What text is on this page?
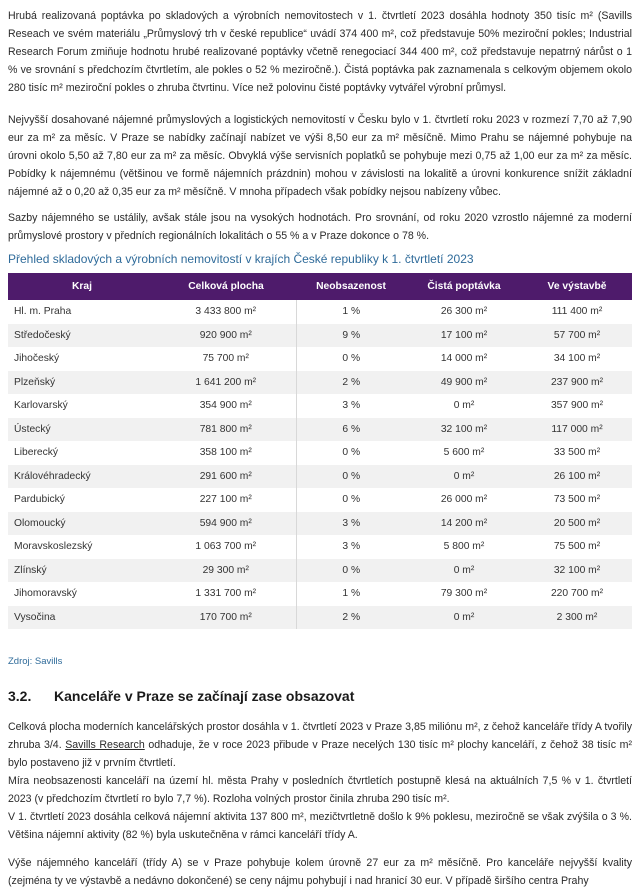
Hrubá realizovaná poptávka po skladových a výrobních nemovitostech v 1. čtvrtletí 2023 dosáhla hodnoty 350 tisíc m² (Savills Reseach ve svém materiálu „Průmyslový trh v české republice“ uvádí 374 400 m², což představuje 50% meziroční pokles; Industrial Research Forum zmiňuje hodnotu hrubé realizované poptávky včetně renegociací 344 400 m², což představuje nepatrný nárůst o 1 % ve srovnání s předchozím čtvrtletím, ale pokles o 52 % meziročně.). Čistá poptávka pak zaznamenala s celkovým objemem okolo 280 tisíc m² meziroční pokles o zhruba čtvrtinu. Více než polovinu čisté poptávky vytvářel výrobní průmysl.

Nejvyšší dosahované nájemné průmyslových a logistických nemovitostí v Česku bylo v 1. čtvrtletí roku 2023 v rozmezí 7,70 až 7,90 eur za m² za měsíc. V Praze se nabídky začínají nabízet ve výši 8,50 eur za m² měsíčně. Mimo Prahu se nájemné pohybuje na úrovni okolo 5,50 až 7,80 eur za m² za měsíc. Obvyklá výše servisních poplatků se pohybuje mezi 0,75 až 1,00 eur za m² za měsíc. Pobídky k nájemnému (většinou ve formě nájemních prázdnin) mohou v závislosti na lokalitě a úrovni konkurence snížit základní nájemné až o 0,20 až 0,35 eur za m² měsíčně. V mnoha případech však pobídky nejsou nabízeny vůbec.

Sazby nájemného se ustálily, avšak stále jsou na vysokých hodnotách. Pro srovnání, od roku 2020 vzrostlo nájemné za moderní průmyslové prostory v předních regionálních lokalitách o 55 % a v Praze dokonce o 78 %.

Přehled skladových a výrobních nemovitostí v krajích České republiky k 1. čtvrtletí 2023
Kraj	Celková plocha	Neobsazenost	Čistá poptávka	Ve výstavbě
Hl. m. Praha	3 433 800 m²	1 %	26 300 m²	111 400 m²
Středočeský	920 900 m²	9 %	17 100 m²	57 700 m²
Jihočeský	75 700 m²	0 %	14 000 m²	34 100 m²
Plzeňský	1 641 200 m²	2 %	49 900 m²	237 900 m²
Karlovarský	354 900 m²	3 %	0 m²	357 900 m²
Ústecký	781 800 m²	6 %	32 100 m²	117 000 m²
Liberecký	358 100 m²	0 %	5 600 m²	33 500 m²
Královéhradecký	291 600 m²	0 %	0 m²	26 100 m²
Pardubický	227 100 m²	0 %	26 000 m²	73 500 m²
Olomoucký	594 900 m²	3 %	14 200 m²	20 500 m²
Moravskoslezský	1 063 700 m²	3 %	5 800 m²	75 500 m²
Zlínský	29 300 m²	0 %	0 m²	32 100 m²
Jihomoravský	1 331 700 m²	1 %	79 300 m²	220 700 m²
Vysočina	170 700 m²	2 %	0 m²	2 300 m²

Zdroj: Savills

3.2. Kanceláře v Praze se začínají zase obsazovat

Celková plocha moderních kancelářských prostor dosáhla v 1. čtvrtletí 2023 v Praze 3,85 miliónu m², z čehož kanceláře třídy A tvořily zhruba 3/4. Savills Research odhaduje, že v roce 2023 přibude v Praze necelých 130 tisíc m² plochy kanceláří, z čehož 38 tisíc m² bylo postaveno již v prvním čtvrtletí.

Míra neobsazenosti kanceláří na území hl. města Prahy v posledních čtvrtletích postupně klesá na aktuálních 7,5 % v 1. čtvrtletí 2023 (v předchozím čtvrtletí ro bylo 7,7 %). Rozloha volných prostor činila zhruba 290 tisíc m².

V 1. čtvrtletí 2023 dosáhla celková nájemní aktivita 137 800 m², mezičtvrtletně došlo k 9% poklesu, meziročně se však zvýšila o 3 %. Většina nájemní aktivity (82 %) byla uskutečněna v rámci kanceláří třídy A.

Výše nájemného kanceláří (třídy A) se v Praze pohybuje kolem úrovně 27 eur za m² měsíčně. Pro kanceláře nejvyšší kvality (zejména ty ve výstavbě a nedávno dokončené) se ceny nájmu pohybují i nad hranicí 30 eur. V případě širšího centra Prahy
